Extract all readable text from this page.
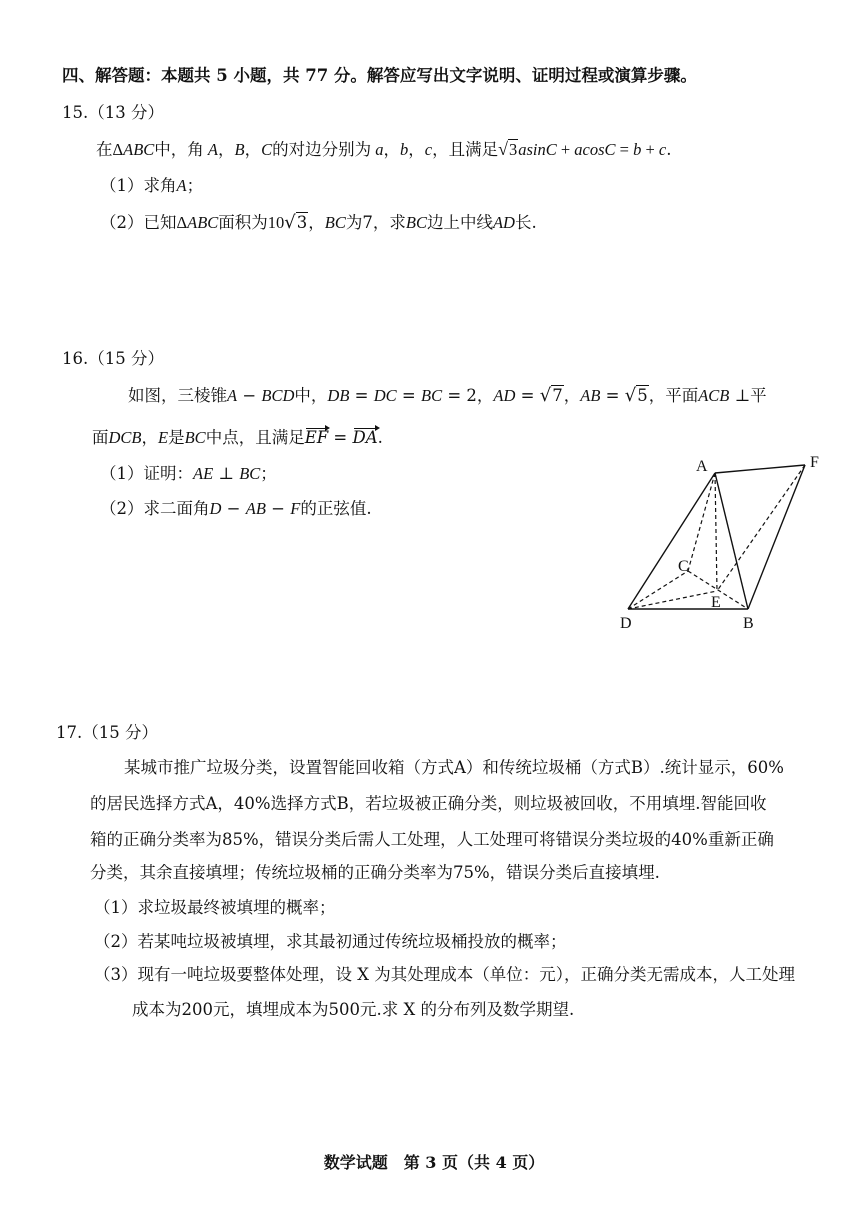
四、解答题：本题共 5 小题，共 77 分。解答应写出文字说明、证明过程或演算步骤。
15.（13 分）
在ΔABC中，角 A，B，C的对边分别为 a，b，c，且满足√3asinC + acosC = b + c.
（1）求角A；
（2）已知ΔABC面积为10√3，BC为7，求BC边上中线AD长.
16.（15 分）
如图，三棱锥A − BCD中，DB = DC = BC = 2，AD = √7，AB = √5，平面ACB ⊥平
面DCB，E是BC中点，且满足EF = DA.
（1）证明：AE ⊥ BC；
（2）求二面角D − AB − F的正弦值.
A	F
C
E
D	B
17.（15 分）
某城市推广垃圾分类，设置智能回收箱（方式A）和传统垃圾桶（方式B）.统计显示，60%
的居民选择方式A，40%选择方式B，若垃圾被正确分类，则垃圾被回收，不用填埋.智能回收
箱的正确分类率为85%，错误分类后需人工处理，人工处理可将错误分类垃圾的40%重新正确
分类，其余直接填埋；传统垃圾桶的正确分类率为75%，错误分类后直接填埋.
（1）求垃圾最终被填埋的概率；
（2）若某吨垃圾被填埋，求其最初通过传统垃圾桶投放的概率；
（3）现有一吨垃圾要整体处理，设 X 为其处理成本（单位：元），正确分类无需成本，人工处理
成本为200元，填埋成本为500元.求 X 的分布列及数学期望.
数学试题　第 3 页（共 4 页）
